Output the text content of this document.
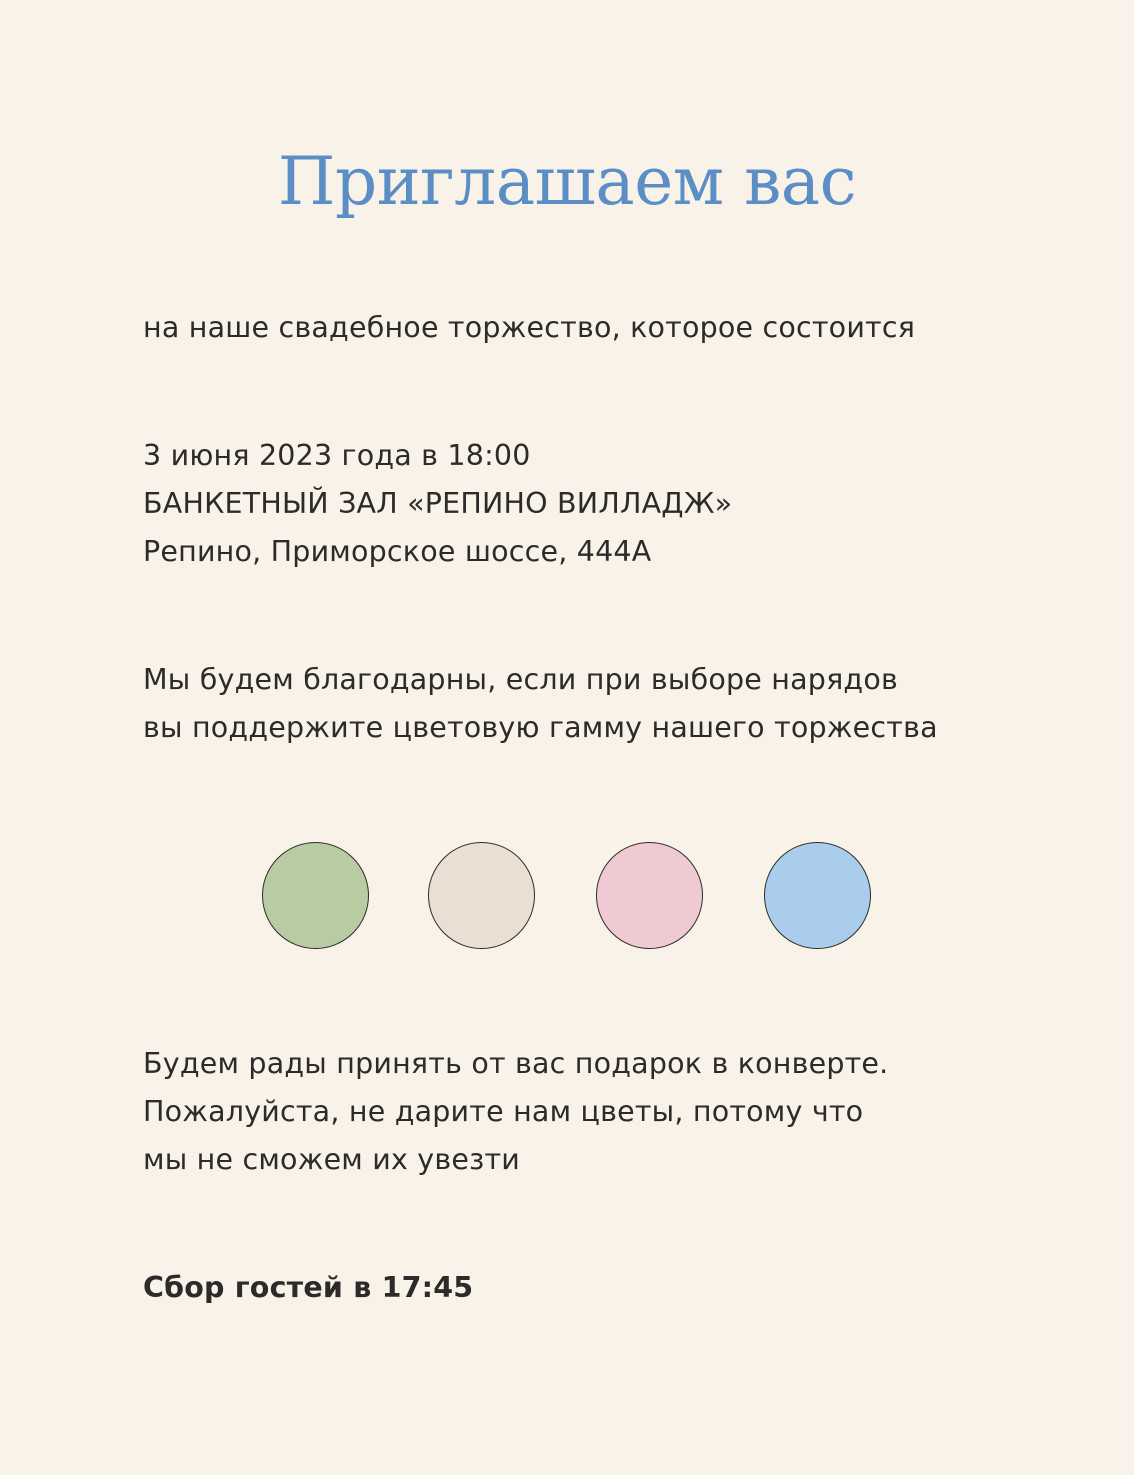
Приглашаем вас

на наше свадебное торжество, которое состоится

3 июня 2023 года в 18:00
БАНКЕТНЫЙ ЗАЛ «РЕПИНО ВИЛЛАДЖ»
Репино, Приморское шоссе, 444А

Мы будем благодарны, если при выборе нарядов
вы поддержите цветовую гамму нашего торжества

Будем рады принять от вас подарок в конверте.
Пожалуйста, не дарите нам цветы, потому что
мы не сможем их увезти

Сбор гостей в 17:45
